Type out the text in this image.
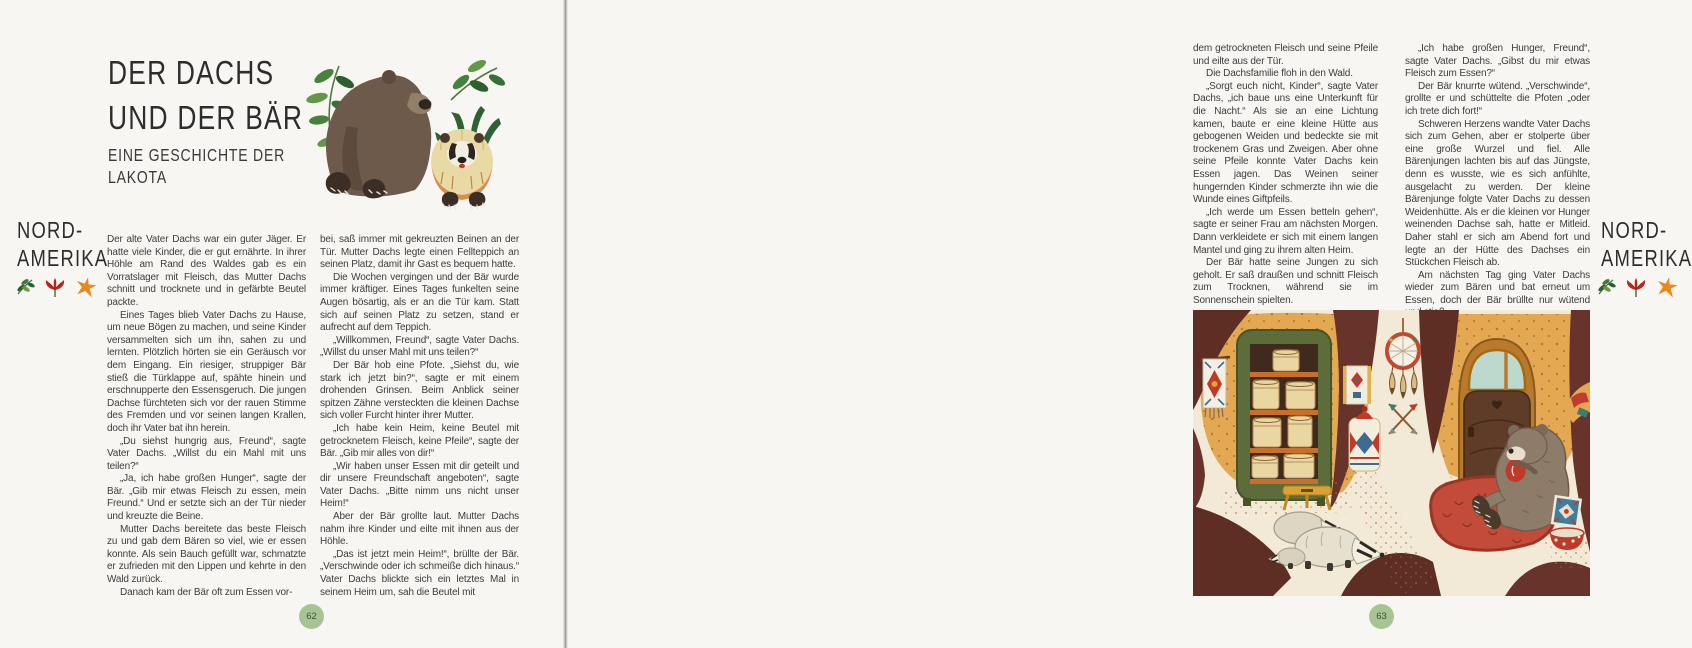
DER DACHS
UND DER BÄR
EINE GESCHICHTE DER
LAKOTA
NORD-
AMERIKA

Der alte Vater Dachs war ein guter Jäger. Er hatte viele Kinder, die er gut ernährte. In ihrer Höhle am Rand des Waldes gab es ein Vorratslager mit Fleisch, das Mutter Dachs schnitt und trocknete und in gefärbte Beutel packte.

Eines Tages blieb Vater Dachs zu Hause, um neue Bögen zu machen, und seine Kinder versammelten sich um ihn, sahen zu und lernten. Plötzlich hörten sie ein Geräusch vor dem Eingang. Ein riesiger, struppiger Bär stieß die Türklappe auf, spähte hinein und erschnupperte den Essensgeruch. Die jungen Dachse fürchteten sich vor der rauen Stimme des Fremden und vor seinen langen Krallen, doch ihr Vater bat ihn herein.

„Du siehst hungrig aus, Freund“, sagte Vater Dachs. „Willst du ein Mahl mit uns teilen?“

„Ja, ich habe großen Hunger“, sagte der Bär. „Gib mir etwas Fleisch zu essen, mein Freund.“ Und er setzte sich an der Tür nieder und kreuzte die Beine.

Mutter Dachs bereitete das beste Fleisch zu und gab dem Bären so viel, wie er essen konnte. Als sein Bauch gefüllt war, schmatzte er zufrieden mit den Lippen und kehrte in den Wald zurück.

Danach kam der Bär oft zum Essen vor-

bei, saß immer mit gekreuzten Beinen an der Tür. Mutter Dachs legte einen Fellteppich an seinen Platz, damit ihr Gast es bequem hatte.

Die Wochen vergingen und der Bär wurde immer kräftiger. Eines Tages funkelten seine Augen bösartig, als er an die Tür kam. Statt sich auf seinen Platz zu setzen, stand er aufrecht auf dem Teppich.

„Willkommen, Freund“, sagte Vater Dachs. „Willst du unser Mahl mit uns teilen?“

Der Bär hob eine Pfote. „Siehst du, wie stark ich jetzt bin?“, sagte er mit einem drohenden Grinsen. Beim Anblick seiner spitzen Zähne versteckten die kleinen Dachse sich voller Furcht hinter ihrer Mutter.

„Ich habe kein Heim, keine Beutel mit getrocknetem Fleisch, keine Pfeile“, sagte der Bär. „Gib mir alles von dir!“

„Wir haben unser Essen mit dir geteilt und dir unsere Freundschaft angeboten“, sagte Vater Dachs. „Bitte nimm uns nicht unser Heim!“

Aber der Bär grollte laut. Mutter Dachs nahm ihre Kinder und eilte mit ihnen aus der Höhle.

„Das ist jetzt mein Heim!“, brüllte der Bär. „Verschwinde oder ich schmeiße dich hinaus.“ Vater Dachs blickte sich ein letztes Mal in seinem Heim um, sah die Beutel mit

62

dem getrockneten Fleisch und seine Pfeile und eilte aus der Tür.

Die Dachsfamilie floh in den Wald.

„Sorgt euch nicht, Kinder“, sagte Vater Dachs, „ich baue uns eine Unterkunft für die Nacht.“ Als sie an eine Lichtung kamen, baute er eine kleine Hütte aus gebogenen Weiden und bedeckte sie mit trockenem Gras und Zweigen. Aber ohne seine Pfeile konnte Vater Dachs kein Essen jagen. Das Weinen seiner hungernden Kinder schmerzte ihn wie die Wunde eines Giftpfeils.

„Ich werde um Essen betteln gehen“, sagte er seiner Frau am nächsten Morgen. Dann verkleidete er sich mit einem langen Mantel und ging zu ihrem alten Heim.

Der Bär hatte seine Jungen zu sich geholt. Er saß draußen und schnitt Fleisch zum Trocknen, während sie im Sonnenschein spielten.

„Ich habe großen Hunger, Freund“, sagte Vater Dachs. „Gibst du mir etwas Fleisch zum Essen?“

Der Bär knurrte wütend. „Verschwinde“, grollte er und schüttelte die Pfoten „oder ich trete dich fort!“

Schweren Herzens wandte Vater Dachs sich zum Gehen, aber er stolperte über eine große Wurzel und fiel. Alle Bärenjungen lachten bis auf das Jüngste, denn es wusste, wie es sich anfühlte, ausgelacht zu werden. Der kleine Bärenjunge folgte Vater Dachs zu dessen Weidenhütte. Als er die kleinen vor Hunger weinenden Dachse sah, hatte er Mitleid. Daher stahl er sich am Abend fort und legte an der Hütte des Dachses ein Stückchen Fleisch ab.

Am nächsten Tag ging Vater Dachs wieder zum Bären und bat erneut um Essen, doch der Bär brüllte nur wütend

NORD-
AMERIKA
63
